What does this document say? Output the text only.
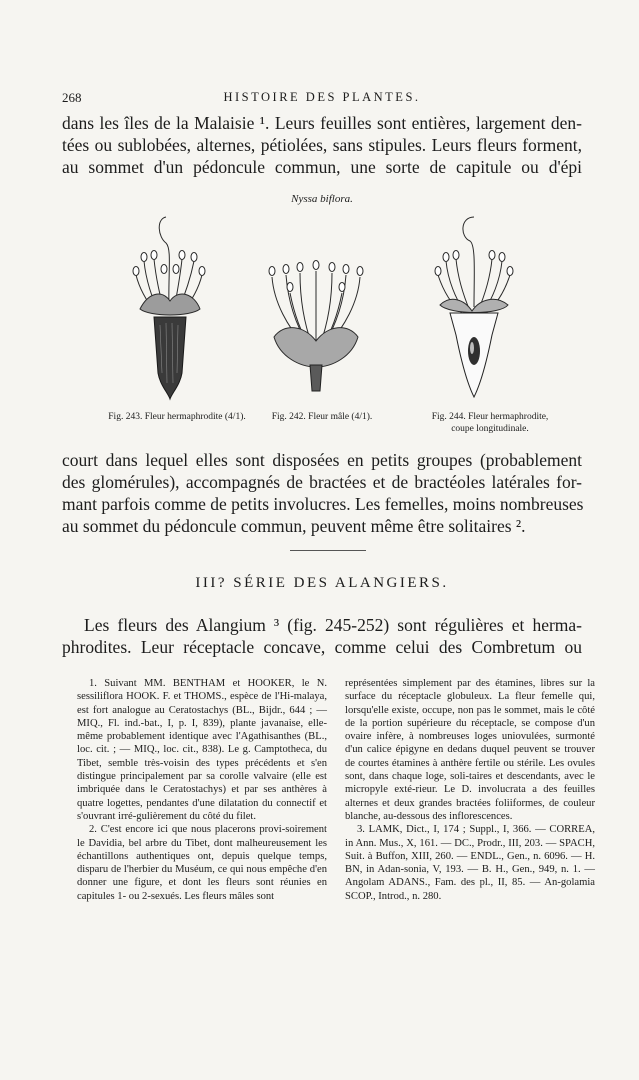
268	HISTOIRE DES PLANTES.

dans les îles de la Malaisie ¹. Leurs feuilles sont entières, largement den-
tées ou sublobées, alternes, pétiolées, sans stipules. Leurs fleurs forment,
au sommet d'un pédoncule commun, une sorte de capitule ou d'épi

Nyssa biflora.
Fig. 243. Fleur hermaphrodite (4/1).	Fig. 242. Fleur mâle (4/1).	Fig. 244. Fleur hermaphrodite,
coupe longitudinale.

court dans lequel elles sont disposées en petits groupes (probablement
des glomérules), accompagnés de bractées et de bractéoles latérales for-
mant parfois comme de petits involucres. Les femelles, moins nombreuses
au sommet du pédoncule commun, peuvent même être solitaires ².

III? SÉRIE DES ALANGIERS.

Les fleurs des Alangium ³ (fig. 245-252) sont régulières et herma-
phrodites. Leur réceptacle concave, comme celui des Combretum ou

1. Suivant MM. BENTHAM et HOOKER, le N. sessiliflora HOOK. F. et THOMS., espèce de l'Hi-malaya, est fort analogue au Ceratostachys (BL., Bijdr., 644 ; — MIQ., Fl. ind.-bat., I, p. I, 839), plante javanaise, elle-même probablement identique avec l'Agathisanthes (BL., loc. cit. ; — MIQ., loc. cit., 838). Le g. Camptotheca, du Tibet, semble très-voisin des types précédents et s'en distingue principalement par sa corolle valvaire (elle est imbriquée dans le Ceratostachys) et par ses anthères à quatre logettes, pendantes d'une dilatation du connectif et s'ouvrant irré-gulièrement du côté du filet.

2. C'est encore ici que nous placerons provi-soirement le Davidia, bel arbre du Tibet, dont malheureusement les échantillons authentiques ont, depuis quelque temps, disparu de l'herbier du Muséum, ce qui nous empêche d'en donner une figure, et dont les fleurs sont réunies en capitules 1- ou 2-sexués. Les fleurs mâles sont

représentées simplement par des étamines, libres sur la surface du réceptacle globuleux. La fleur femelle qui, lorsqu'elle existe, occupe, non pas le sommet, mais le côté de la portion supérieure du réceptacle, se compose d'un ovaire infère, à nombreuses loges uniovulées, surmonté d'un calice épigyne en dedans duquel peuvent se trouver de courtes étamines à anthère fertile ou stérile. Les ovules sont, dans chaque loge, soli-taires et descendants, avec le micropyle exté-rieur. Le D. involucrata a des feuilles alternes et deux grandes bractées foliiformes, de couleur blanche, au-dessous des inflorescences.

3. LAMK, Dict., I, 174 ; Suppl., I, 366. — CORREA, in Ann. Mus., X, 161. — DC., Prodr., III, 203. — SPACH, Suit. à Buffon, XIII, 260. — ENDL., Gen., n. 6096. — H. BN, in Adan-sonia, V, 193. — B. H., Gen., 949, n. 1. — Angolam ADANS., Fam. des pl., II, 85. — An-golamia SCOP., Introd., n. 280.
